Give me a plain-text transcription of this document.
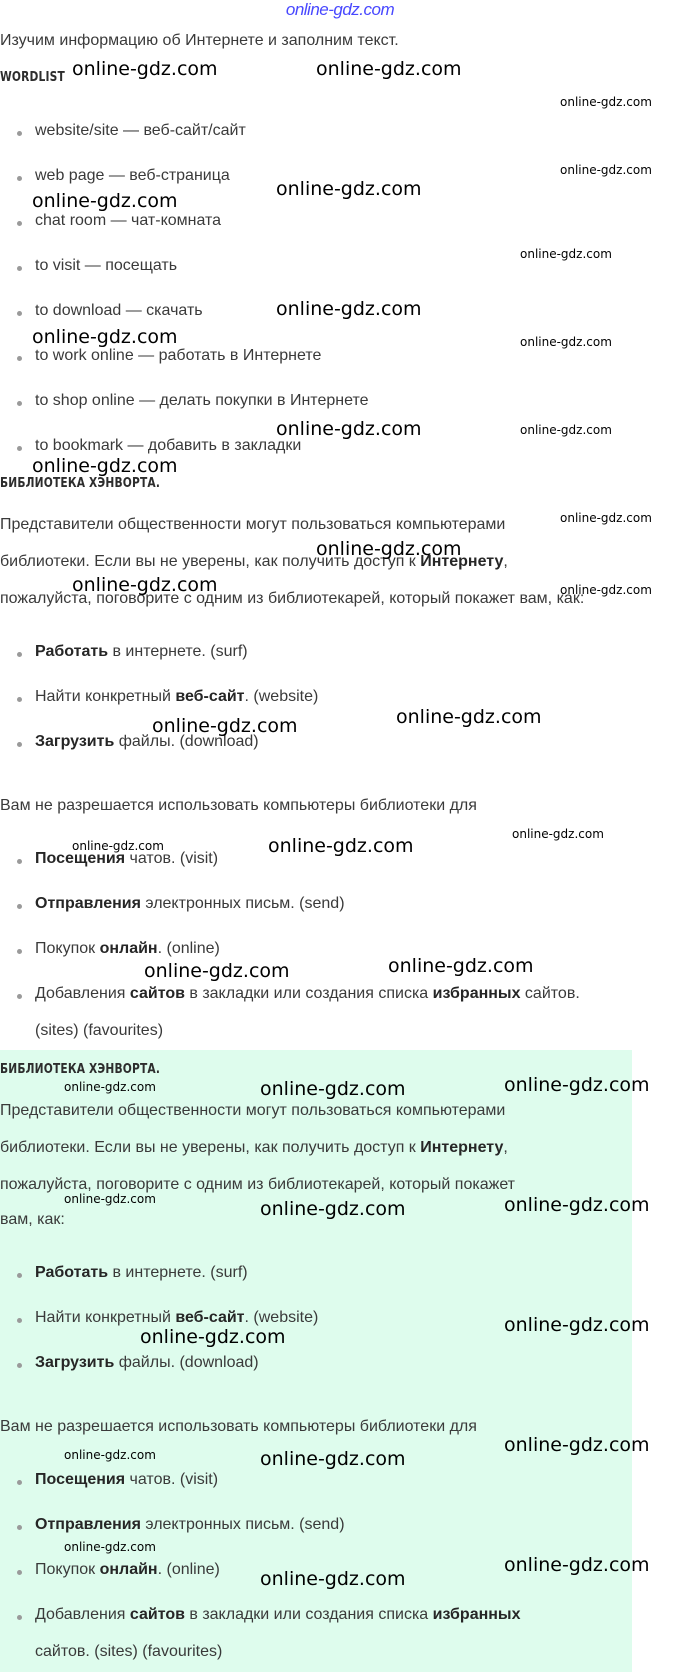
online-gdz.com
Изучим информацию об Интернете и заполним текст.
WORDLIST
website/site — веб-сайт/сайт
web page — веб-страница
chat room — чат-комната
to visit — посещать
to download — скачать
to work online — работать в Интернете
to shop online — делать покупки в Интернете
to bookmark — добавить в закладки
БИБЛИОТЕКА ХЭНВОРТА.
Представители общественности могут пользоваться компьютерами
библиотеки. Если вы не уверены, как получить доступ к Интернету,
пожалуйста, поговорите с одним из библиотекарей, который покажет вам, как:
Работать в интернете. (surf)
Найти конкретный веб-сайт. (website)
Загрузить файлы. (download)
Вам не разрешается использовать компьютеры библиотеки для
Посещения чатов. (visit)
Отправления электронных письм. (send)
Покупок онлайн. (online)
Добавления сайтов в закладки или создания списка избранных сайтов.
(sites) (favourites)
БИБЛИОТЕКА ХЭНВОРТА.
Представители общественности могут пользоваться компьютерами
библиотеки. Если вы не уверены, как получить доступ к Интернету,
пожалуйста, поговорите с одним из библиотекарей, который покажет
вам, как:
Работать в интернете. (surf)
Найти конкретный веб-сайт. (website)
Загрузить файлы. (download)
Вам не разрешается использовать компьютеры библиотеки для
Посещения чатов. (visit)
Отправления электронных письм. (send)
Покупок онлайн. (online)
Добавления сайтов в закладки или создания списка избранных
сайтов. (sites) (favourites)
online-gdz.com	online-gdz.com
online-gdz.com
online-gdz.com
online-gdz.com
online-gdz.com
online-gdz.com
online-gdz.com
online-gdz.com	online-gdz.com
online-gdz.com	online-gdz.com
online-gdz.com
online-gdz.com
online-gdz.com
online-gdz.com	online-gdz.com
online-gdz.com
online-gdz.com
online-gdz.com
online-gdz.com	online-gdz.com
online-gdz.com
online-gdz.com
online-gdz.com
online-gdz.com	online-gdz.com
online-gdz.com	online-gdz.com
online-gdz.com
online-gdz.com
online-gdz.com
online-gdz.com	online-gdz.com
online-gdz.com
online-gdz.com
online-gdz.com
online-gdz.com
